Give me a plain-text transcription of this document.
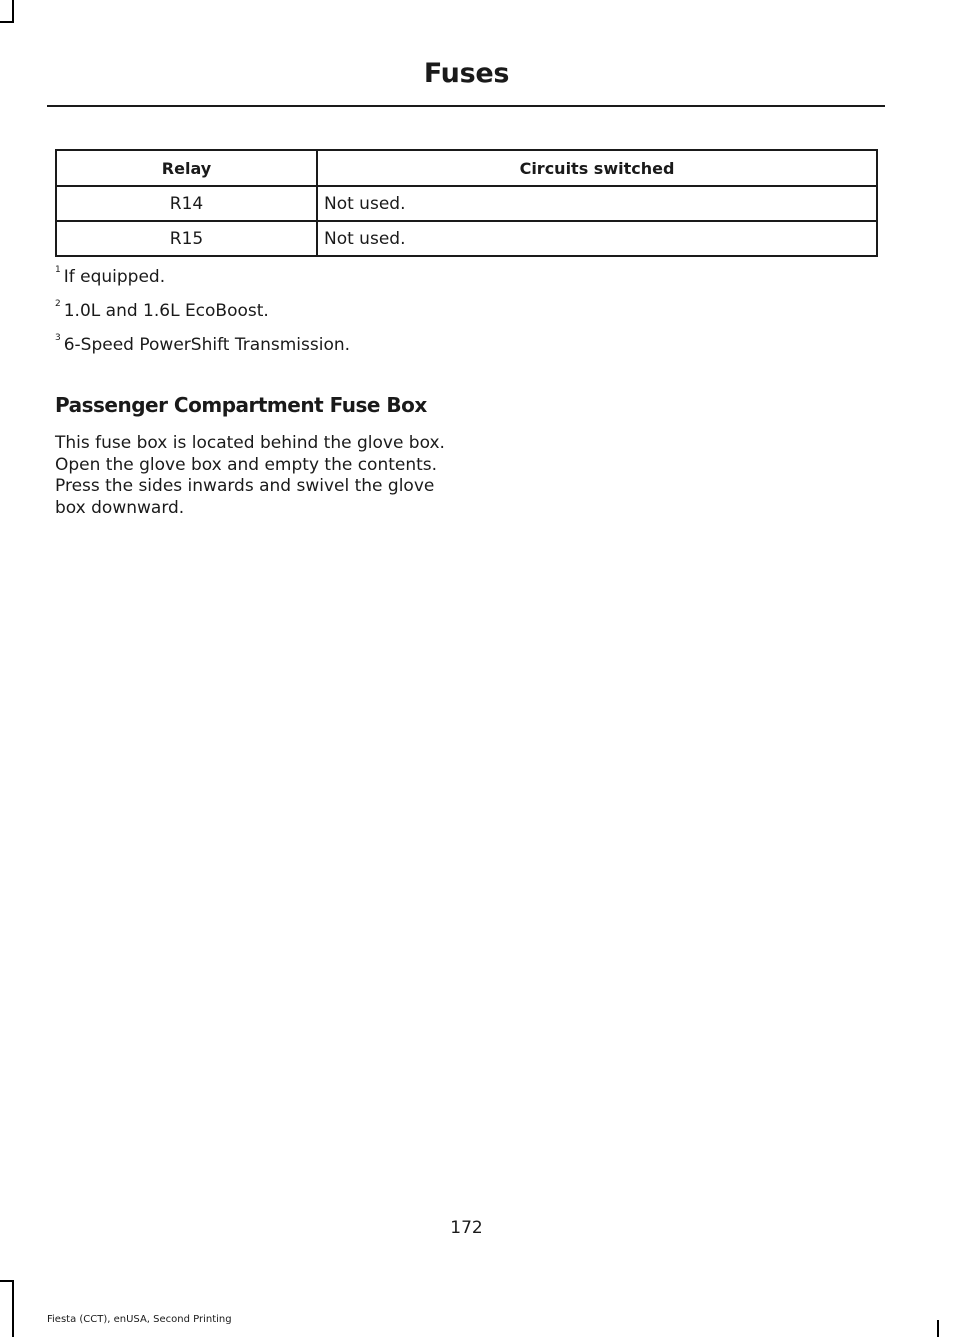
Fuses
Relay	Circuits switched
R14	Not used.
R15	Not used.
$^1$ If equipped.
$^2$ 1.0L and 1.6L EcoBoost.
$^3$ 6-Speed PowerShift Transmission.
Passenger Compartment Fuse Box
This fuse box is located behind the glove box. Open the glove box and empty the contents. Press the sides inwards and swivel the glove box downward.
172
Fiesta (CCT), enUSA, Second Printing
